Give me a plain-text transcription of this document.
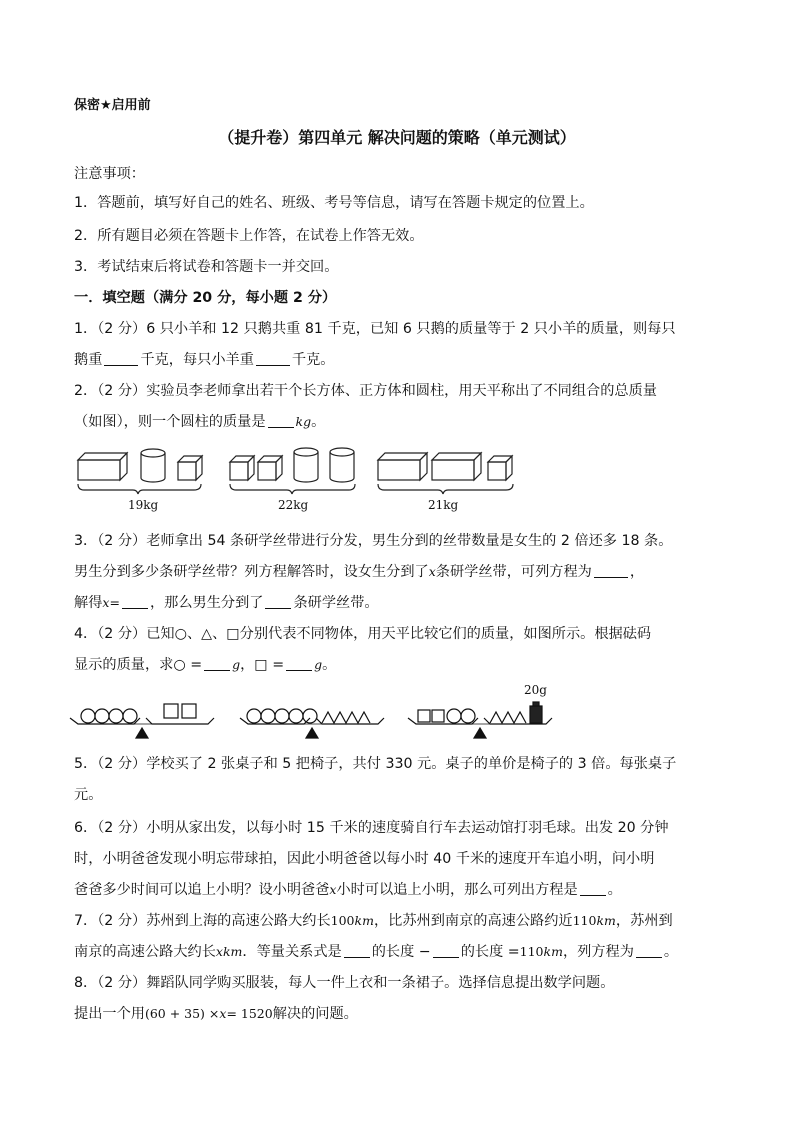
保密★启用前
（提升卷）第四单元 解决问题的策略（单元测试）
注意事项：
1．答题前，填写好自己的姓名、班级、考号等信息，请写在答题卡规定的位置上。
2．所有题目必须在答题卡上作答，在试卷上作答无效。
3．考试结束后将试卷和答题卡一并交回。
一．填空题（满分 20 分，每小题 2 分）
1．（2 分）6 只小羊和 12 只鹅共重 81 千克，已知 6 只鹅的质量等于 2 只小羊的质量，则每只
鹅重	千克，每只小羊重	千克。
2．（2 分）实验员李老师拿出若干个长方体、正方体和圆柱，用天平称出了不同组合的总质量
（如图），则一个圆柱的质量是 kg。
19kg	22kg	21kg
3．（2 分）老师拿出 54 条研学丝带进行分发，男生分到的丝带数量是女生的 2 倍还多 18 条。
男生分到多少条研学丝带？列方程解答时，设女生分到了x条研学丝带，可列方程为	，
解得x= ，那么男生分到了 条研学丝带。
4．（2 分）已知○、△、□分别代表不同物体，用天平比较它们的质量，如图所示。根据砝码
显示的质量，求○ = g，□ = g。
20g
5．（2 分）学校买了 2 张桌子和 5 把椅子，共付 330 元。桌子的单价是椅子的 3 倍。每张桌子
元。
6．（2 分）小明从家出发，以每小时 15 千米的速度骑自行车去运动馆打羽毛球。出发 20 分钟
时，小明爸爸发现小明忘带球拍，因此小明爸爸以每小时 40 千米的速度开车追小明，问小明
爸爸多少时间可以追上小明？设小明爸爸x小时可以追上小明，那么可列出方程是 。
7．（2 分）苏州到上海的高速公路大约长100km，比苏州到南京的高速公路约近110km，苏州到
南京的高速公路大约长xkm．等量关系式是 的长度 − 的长度 =110km，列方程为 。
8．（2 分）舞蹈队同学购买服装，每人一件上衣和一条裙子。选择信息提出数学问题。
提出一个用(60 + 35) ×x= 1520解决的问题。
